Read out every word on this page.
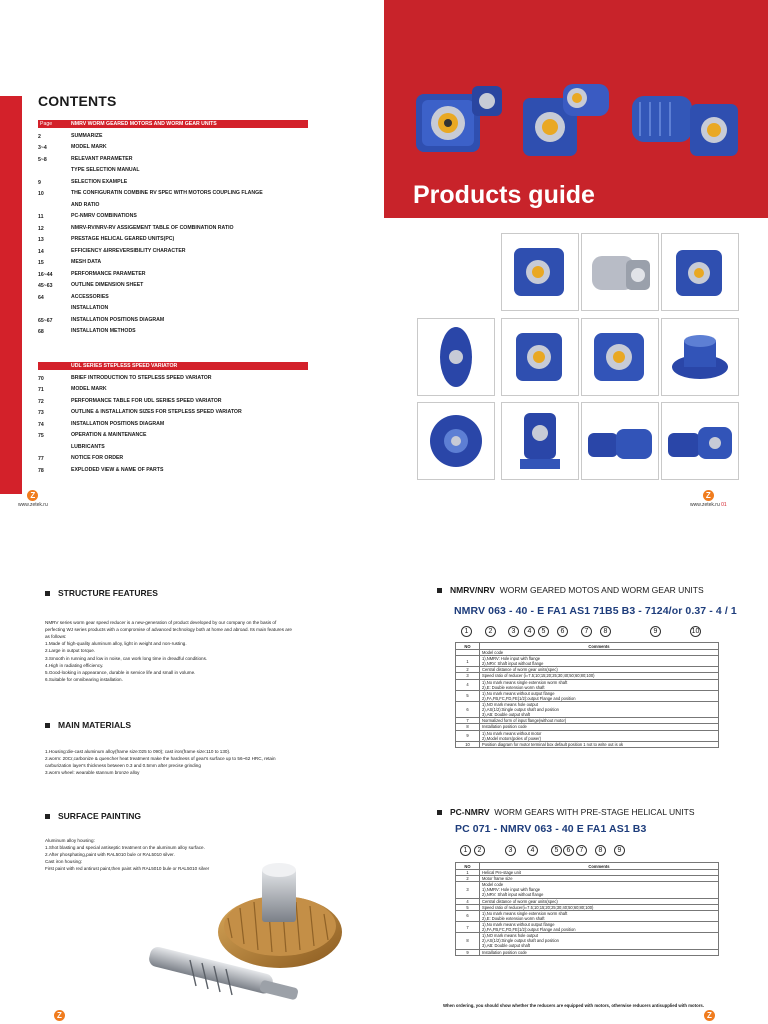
CONTENTS
Page	NMRV WORM GEARED MOTORS AND WORM GEAR UNITS
2	SUMMARIZE
3~4	MODEL MARK
5~8	RELEVANT PARAMETER
TYPE SELECTION MANUAL
9	SELECTION EXAMPLE
10	THE CONFIGURATIN COMBINE RV SPEC WITH MOTORS COUPLING FLANGE
AND RATIO
11	PC-NMRV COMBINATIONS
12	NMRV-RV/NRV-RV ASSIGEMENT TABLE OF COMBINATION RATIO
13	PRESTAGE HELICAL GEARED UNITS(PC)
14	EFFICIENCY &IRREVERSIBILITY CHARACTER
15	MESH DATA
16~44	PERFORMANCE PARAMETER
45~63	OUTLINE DIMENSION SHEET
64	ACCESSORIES
INSTALLATION
65~67	INSTALLATION POSITIONS DIAGRAM
68	INSTALLATION METHODS
UDL SERIES STEPLESS SPEED VARIATOR
70	BRIEF INTRODUCTION TO STEPLESS SPEED VARIATOR
71	MODEL MARK
72	PERFORMANCE TABLE FOR UDL SERIES SPEED VARIATOR
73	OUTLINE & INSTALLATION SIZES FOR STEPLESS SPEED VARIATOR
74	INSTALLATION POSITIONS DIAGRAM
75	OPERATION & MAINTENANCE
LUBRICANTS
77	NOTICE FOR ORDER
78	EXPLODED VIEW & NAME OF PARTS
Z
www.zetek.ru
Products guide
Z
www.zetek.ru 01
STRUCTURE FEATURES

NMRV series worm gear speed reducer is a new-generation of product developed by our company on the basis of

perfecting WJ series products with a compromise of advanced technology both at home and abroad. Its main features are

as follows:

1.Made of high-quality aluminum alloy, light in weight and non-rusting.

2.Large in output torque.

3.Smooth in running and low in noise, can work long time in dreadful conditions.

4.High in radiating efficiency.

5.Good-looking in appearance, durable in service life and small in volume.

6.Suitable for omnibearing installation.

MAIN MATERIALS

1.Housing:die-cast aluminum alloy(frame size:025 to 090); cast iron(frame size:110 to 130).

2.worm: 20Cr,carbonize & quencher heat treatment make the hardness of gear's surface up to 56~62 HRC, retain

carburization layer's thickness between 0.3 and 0.5mm after precise grinding

3.worm wheel: wearable stannum bronze alloy

SURFACE PAINTING

Aluminum alloy housing:

1.Shot blasting and special antiseptic treatment on the aluminum alloy surface.

2.After phosphating,paint with RAL5010 bule or RAL5010 silver.

Cast iron housing:

First paint with red antirust paint,then paint with RAL5010 bule or RAL5010 silver

Z
NMRV/NRV WORM GEARED MOTOS AND WORM GEAR UNITS
NMRV 063 - 40 - E FA1 AS1 71B5 B3 - 7124/or 0.37 - 4 / 1
1	2	3	4	5	6	7	8	9	10
NO	Comments

	Model code

1	1),NMRV: Hole input with flange
2),NRV: Shaft input without flange

2	Central distance of worm gear units(spec)

3	Speed ratio of reducer (i=7.5;10;15;20;25;30;40;50;60;80;100)

4	1),No mark means single extension worm shaft
2),E: Double extension worm shaft

5	1),No mark means without output flange
2),FA,FB,FC,FD,FE(1/2):output Flange and position

6	1),NO mark means hole output
2),AS(1/2):Single output shaft and position
3),AB: Double output shaft

7	Normalized form of input flange(without motor)

8	Installation position code

9	1),No mark means without motor
2),Model motors(poles of power)

10	Position diagram for motor terminal box default position 1 not to write out is ok
PC-NMRV WORM GEARS WITH PRE-STAGE HELICAL UNITS
PC 071 - NMRV 063 - 40 E FA1 AS1 B3
1	2	3	4	5	6	7	8	9
NO	Comments
1	Helical Pre-stage unit

2	Motor frame size

3	Model code
1),NMRV: Hole input with flange
2),NRV: Shaft input without flange

4	Central distance of worm gear units(spec)

5	Speed ratio of reducer(i=7.5;10;15;20;25;30;40;50;60;80;100)

6	1),No mark means single extension worm shaft
2),E: Double extension worm shaft

7	1),No mark means without output flange
2),FA,FB,FC,FD,FE(1/2):output Flange and position

8	1),NO mark means hole output
2),AS(1/2):Single output shaft and position
3),AB: Double output shaft

9	Installation position code
When ordering, you should show whether the reducers are equipped with motors, otherwise reducers antisupplied with motors.
Z
